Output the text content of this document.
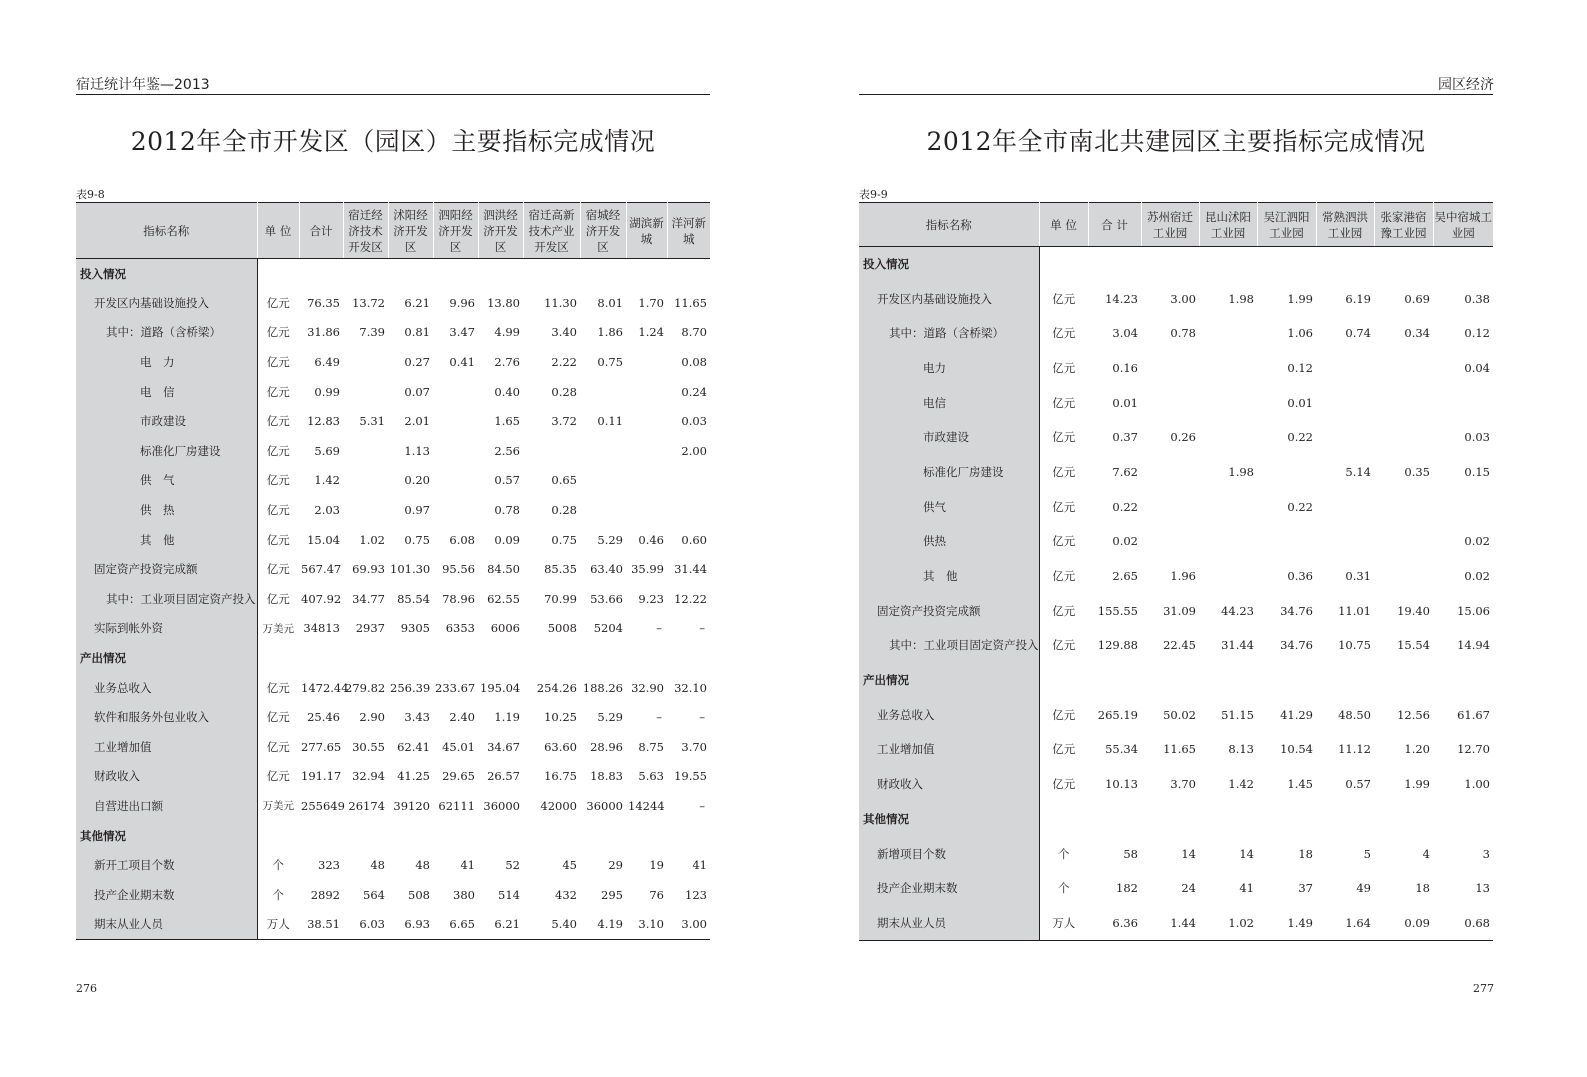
宿迁统计年鉴—2013
2012年全市开发区（园区）主要指标完成情况
表9-8
指标名称	单 位	合计	宿迁经济技术开发区	沭阳经济开发区	泗阳经济开发区	泗洪经济开发区	宿迁高新技术产业开发区	宿城经济开发区	湖滨新城	洋河新城
投入情况										
开发区内基础设施投入	亿元	76.35	13.72	6.21	9.96	13.80	11.30	8.01	1.70	11.65
其中：道路（含桥梁）	亿元	31.86	7.39	0.81	3.47	4.99	3.40	1.86	1.24	8.70
电　力	亿元	6.49		0.27	0.41	2.76	2.22	0.75		0.08
电　信	亿元	0.99		0.07		0.40	0.28			0.24
市政建设	亿元	12.83	5.31	2.01		1.65	3.72	0.11		0.03
标准化厂房建设	亿元	5.69		1.13		2.56				2.00
供　气	亿元	1.42		0.20		0.57	0.65			
供　热	亿元	2.03		0.97		0.78	0.28			
其　他	亿元	15.04	1.02	0.75	6.08	0.09	0.75	5.29	0.46	0.60
固定资产投资完成额	亿元	567.47	69.93	101.30	95.56	84.50	85.35	63.40	35.99	31.44
其中：工业项目固定资产投入	亿元	407.92	34.77	85.54	78.96	62.55	70.99	53.66	9.23	12.22
实际到帐外资	万美元	34813	2937	9305	6353	6006	5008	5204	–	–
产出情况										
业务总收入	亿元	1472.44	279.82	256.39	233.67	195.04	254.26	188.26	32.90	32.10
软件和服务外包业收入	亿元	25.46	2.90	3.43	2.40	1.19	10.25	5.29	–	–
工业增加值	亿元	277.65	30.55	62.41	45.01	34.67	63.60	28.96	8.75	3.70
财政收入	亿元	191.17	32.94	41.25	29.65	26.57	16.75	18.83	5.63	19.55
自营进出口额	万美元	255649	26174	39120	62111	36000	42000	36000	14244	–
其他情况										
新开工项目个数	个	323	48	48	41	52	45	29	19	41
投产企业期末数	个	2892	564	508	380	514	432	295	76	123
期末从业人员	万人	38.51	6.03	6.93	6.65	6.21	5.40	4.19	3.10	3.00
276
园区经济
2012年全市南北共建园区主要指标完成情况
表9-9
指标名称	单 位	合 计	苏州宿迁工业园	昆山沭阳工业园	吴江泗阳工业园	常熟泗洪工业园	张家港宿豫工业园	吴中宿城工业园
投入情况								
开发区内基础设施投入	亿元	14.23	3.00	1.98	1.99	6.19	0.69	0.38
其中：道路（含桥梁）	亿元	3.04	0.78		1.06	0.74	0.34	0.12
电力	亿元	0.16			0.12			0.04
电信	亿元	0.01			0.01			
市政建设	亿元	0.37	0.26		0.22			0.03
标准化厂房建设	亿元	7.62		1.98		5.14	0.35	0.15
供气	亿元	0.22			0.22			
供热	亿元	0.02						0.02
其　他	亿元	2.65	1.96		0.36	0.31		0.02
固定资产投资完成额	亿元	155.55	31.09	44.23	34.76	11.01	19.40	15.06
其中：工业项目固定资产投入	亿元	129.88	22.45	31.44	34.76	10.75	15.54	14.94
产出情况								
业务总收入	亿元	265.19	50.02	51.15	41.29	48.50	12.56	61.67
工业增加值	亿元	55.34	11.65	8.13	10.54	11.12	1.20	12.70
财政收入	亿元	10.13	3.70	1.42	1.45	0.57	1.99	1.00
其他情况								
新增项目个数	个	58	14	14	18	5	4	3
投产企业期末数	个	182	24	41	37	49	18	13
期末从业人员	万人	6.36	1.44	1.02	1.49	1.64	0.09	0.68
277
